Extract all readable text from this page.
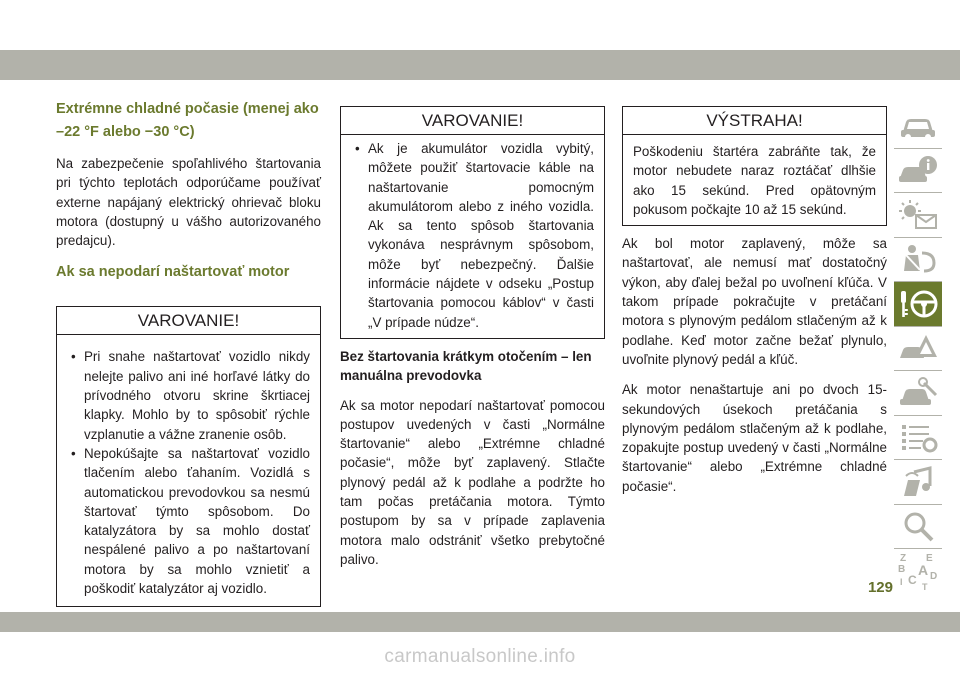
Extrémne chladné počasie (menej ako –22 °F alebo −30 °C)

Na zabezpečenie spoľahlivého štartovania pri týchto teplotách odporúčame používať externe napájaný elektrický ohrievač bloku motora (dostupný u vášho autorizovaného predajcu).

Ak sa nepodarí naštartovať motor
VAROVANIE!
• Pri snahe naštartovať vozidlo nikdy nelejte palivo ani iné horľavé látky do prívodného otvoru skrine škrtiacej klapky. Mohlo by to spôsobiť rýchle vzplanutie a vážne zranenie osôb.
• Nepokúšajte sa naštartovať vozidlo tlačením alebo ťahaním. Vozidlá s automatickou prevodovkou sa nesmú štartovať týmto spôsobom. Do katalyzátora by sa mohlo dostať nespálené palivo a po naštartovaní motora by sa mohlo vznietiť a poškodiť katalyzátor aj vozidlo.
VAROVANIE!
• Ak je akumulátor vozidla vybitý, môžete použiť štartovacie káble na naštartovanie pomocným akumulátorom alebo z iného vozidla. Ak sa tento spôsob štartovania vykonáva nesprávnym spôsobom, môže byť nebezpečný. Ďalšie informácie nájdete v odseku „Postup štartovania pomocou káblov“ v časti „V prípade núdze“.

Bez štartovania krátkym otočením – len manuálna prevodovka

Ak sa motor nepodarí naštartovať pomocou postupov uvedených v časti „Normálne štartovanie“ alebo „Extrémne chladné počasie“, môže byť zaplavený. Stlačte plynový pedál až k podlahe a podržte ho tam počas pretáčania motora. Týmto postupom by sa v prípade zaplavenia motora malo odstrániť všetko prebytočné palivo.

VÝSTRAHA!

Poškodeniu štartéra zabráňte tak, že motor nebudete naraz roztáčať dlhšie ako 15 sekúnd. Pred opätovným pokusom počkajte 10 až 15 sekúnd.

Ak bol motor zaplavený, môže sa naštartovať, ale nemusí mať dostatočný výkon, aby ďalej bežal po uvoľnení kľúča. V takom prípade pokračujte v pretáčaní motora s plynovým pedálom stlačeným až k podlahe. Keď motor začne bežať plynulo, uvoľnite plynový pedál a kľúč.

Ak motor nenaštartuje ani po dvoch 15-sekundových úsekoch pretáčania s plynovým pedálom stlačeným až k podlahe, zopakujte postup uvedený v časti „Normálne štartovanie“ alebo „Extrémne chladné počasie“.

Z E
B A
C D
I T
129
carmanualsonline.info
